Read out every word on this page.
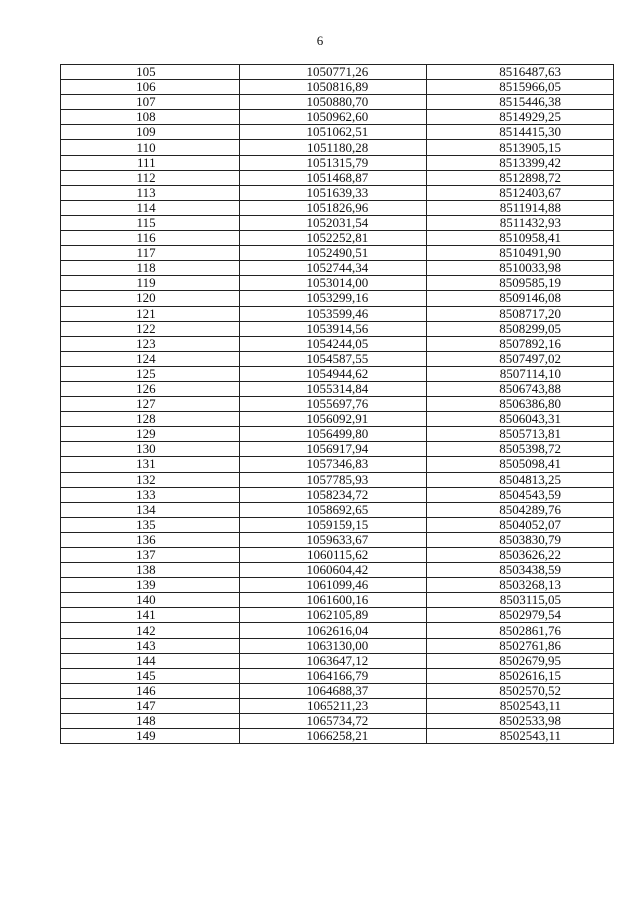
6
105	1050771,26	8516487,63
106	1050816,89	8515966,05
107	1050880,70	8515446,38
108	1050962,60	8514929,25
109	1051062,51	8514415,30
110	1051180,28	8513905,15
111	1051315,79	8513399,42
112	1051468,87	8512898,72
113	1051639,33	8512403,67
114	1051826,96	8511914,88
115	1052031,54	8511432,93
116	1052252,81	8510958,41
117	1052490,51	8510491,90
118	1052744,34	8510033,98
119	1053014,00	8509585,19
120	1053299,16	8509146,08
121	1053599,46	8508717,20
122	1053914,56	8508299,05
123	1054244,05	8507892,16
124	1054587,55	8507497,02
125	1054944,62	8507114,10
126	1055314,84	8506743,88
127	1055697,76	8506386,80
128	1056092,91	8506043,31
129	1056499,80	8505713,81
130	1056917,94	8505398,72
131	1057346,83	8505098,41
132	1057785,93	8504813,25
133	1058234,72	8504543,59
134	1058692,65	8504289,76
135	1059159,15	8504052,07
136	1059633,67	8503830,79
137	1060115,62	8503626,22
138	1060604,42	8503438,59
139	1061099,46	8503268,13
140	1061600,16	8503115,05
141	1062105,89	8502979,54
142	1062616,04	8502861,76
143	1063130,00	8502761,86
144	1063647,12	8502679,95
145	1064166,79	8502616,15
146	1064688,37	8502570,52
147	1065211,23	8502543,11
148	1065734,72	8502533,98
149	1066258,21	8502543,11
